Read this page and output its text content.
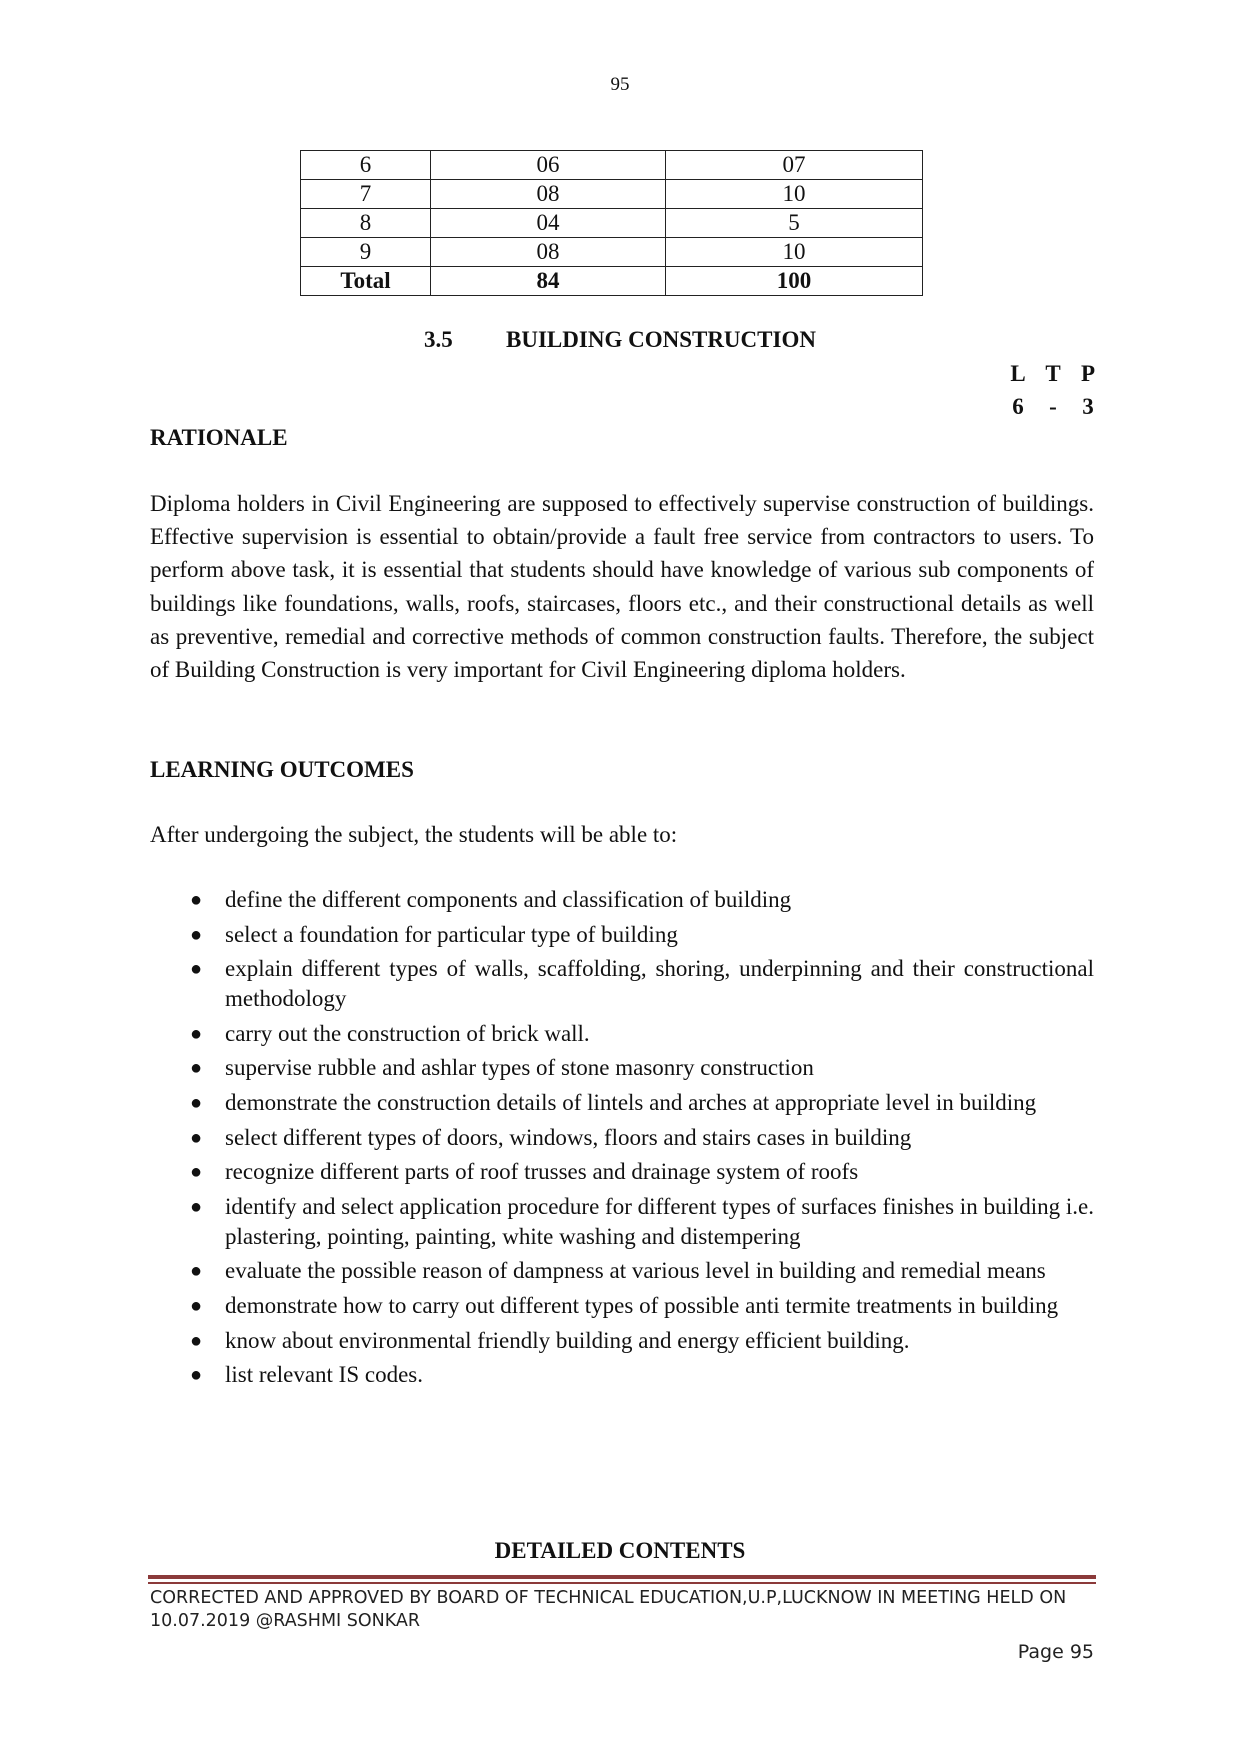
95
6	06	07
7	08	10
8	04	5
9	08	10
Total	84	100
3.5 BUILDING CONSTRUCTION
L T P
6	-	3
RATIONALE
Diploma holders in Civil Engineering are supposed to effectively supervise construction of buildings. Effective supervision is essential to obtain/provide a fault free service from contractors to users. To perform above task, it is essential that students should have knowledge of various sub components of buildings like foundations, walls, roofs, staircases, floors etc., and their constructional details as well as preventive, remedial and corrective methods of common construction faults. Therefore, the subject of Building Construction is very important for Civil Engineering diploma holders.
LEARNING OUTCOMES
After undergoing the subject, the students will be able to:
● define the different components and classification of building
● select a foundation for particular type of building
● explain different types of walls, scaffolding, shoring, underpinning and their constructional methodology
● carry out the construction of brick wall.
● supervise rubble and ashlar types of stone masonry construction
● demonstrate the construction details of lintels and arches at appropriate level in building
● select different types of doors, windows, floors and stairs cases in building
● recognize different parts of roof trusses and drainage system of roofs
● identify and select application procedure for different types of surfaces finishes in building i.e. plastering, pointing, painting, white washing and distempering
● evaluate the possible reason of dampness at various level in building and remedial means
● demonstrate how to carry out different types of possible anti termite treatments in building
● know about environmental friendly building and energy efficient building.
● list relevant IS codes.
DETAILED CONTENTS
CORRECTED AND APPROVED BY BOARD OF TECHNICAL EDUCATION,U.P,LUCKNOW IN MEETING HELD ON 10.07.2019 @RASHMI SONKAR
Page 95
